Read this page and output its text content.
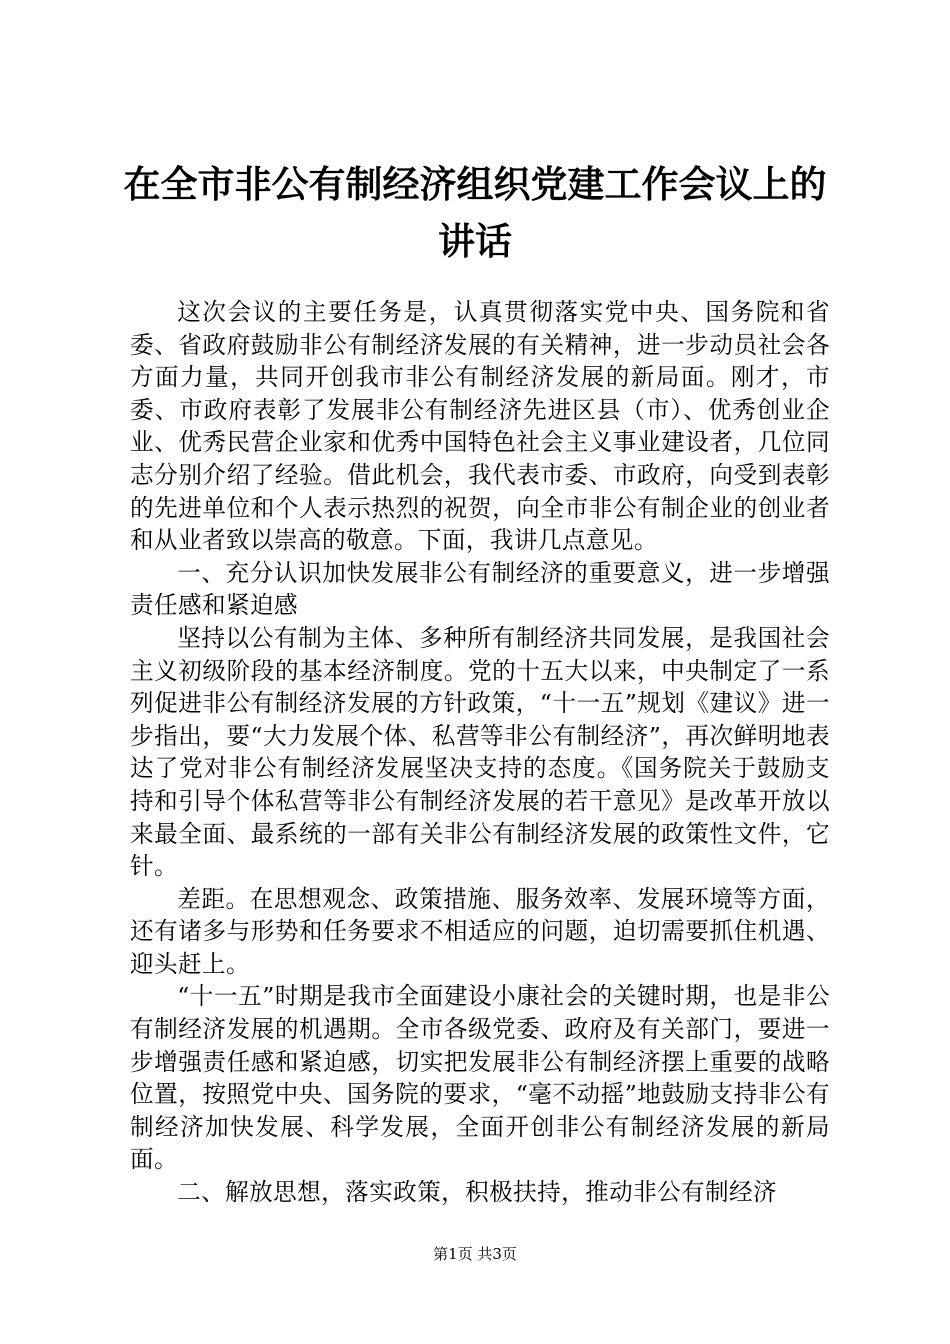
在全市非公有制经济组织党建工作会议上的讲话

这次会议的主要任务是，认真贯彻落实党中央、国务院和省委、省政府鼓励非公有制经济发展的有关精神，进一步动员社会各方面力量，共同开创我市非公有制经济发展的新局面。刚才，市委、市政府表彰了发展非公有制经济先进区县（市）、优秀创业企业、优秀民营企业家和优秀中国特色社会主义事业建设者，几位同志分别介绍了经验。借此机会，我代表市委、市政府，向受到表彰的先进单位和个人表示热烈的祝贺，向全市非公有制企业的创业者和从业者致以崇高的敬意。下面，我讲几点意见。

一、充分认识加快发展非公有制经济的重要意义，进一步增强责任感和紧迫感

坚持以公有制为主体、多种所有制经济共同发展，是我国社会主义初级阶段的基本经济制度。党的十五大以来，中央制定了一系列促进非公有制经济发展的方针政策，“十一五”规划《建议》进一步指出，要“大力发展个体、私营等非公有制经济”，再次鲜明地表达了党对非公有制经济发展坚决支持的态度。《国务院关于鼓励支持和引导个体私营等非公有制经济发展的若干意见》是改革开放以来最全面、最系统的一部有关非公有制经济发展的政策性文件，它针。

差距。在思想观念、政策措施、服务效率、发展环境等方面，还有诸多与形势和任务要求不相适应的问题，迫切需要抓住机遇、迎头赶上。

“十一五”时期是我市全面建设小康社会的关键时期，也是非公有制经济发展的机遇期。全市各级党委、政府及有关部门，要进一步增强责任感和紧迫感，切实把发展非公有制经济摆上重要的战略位置，按照党中央、国务院的要求，“毫不动摇”地鼓励支持非公有制经济加快发展、科学发展，全面开创非公有制经济发展的新局面。

二、解放思想，落实政策，积极扶持，推动非公有制经济

第1页 共3页
